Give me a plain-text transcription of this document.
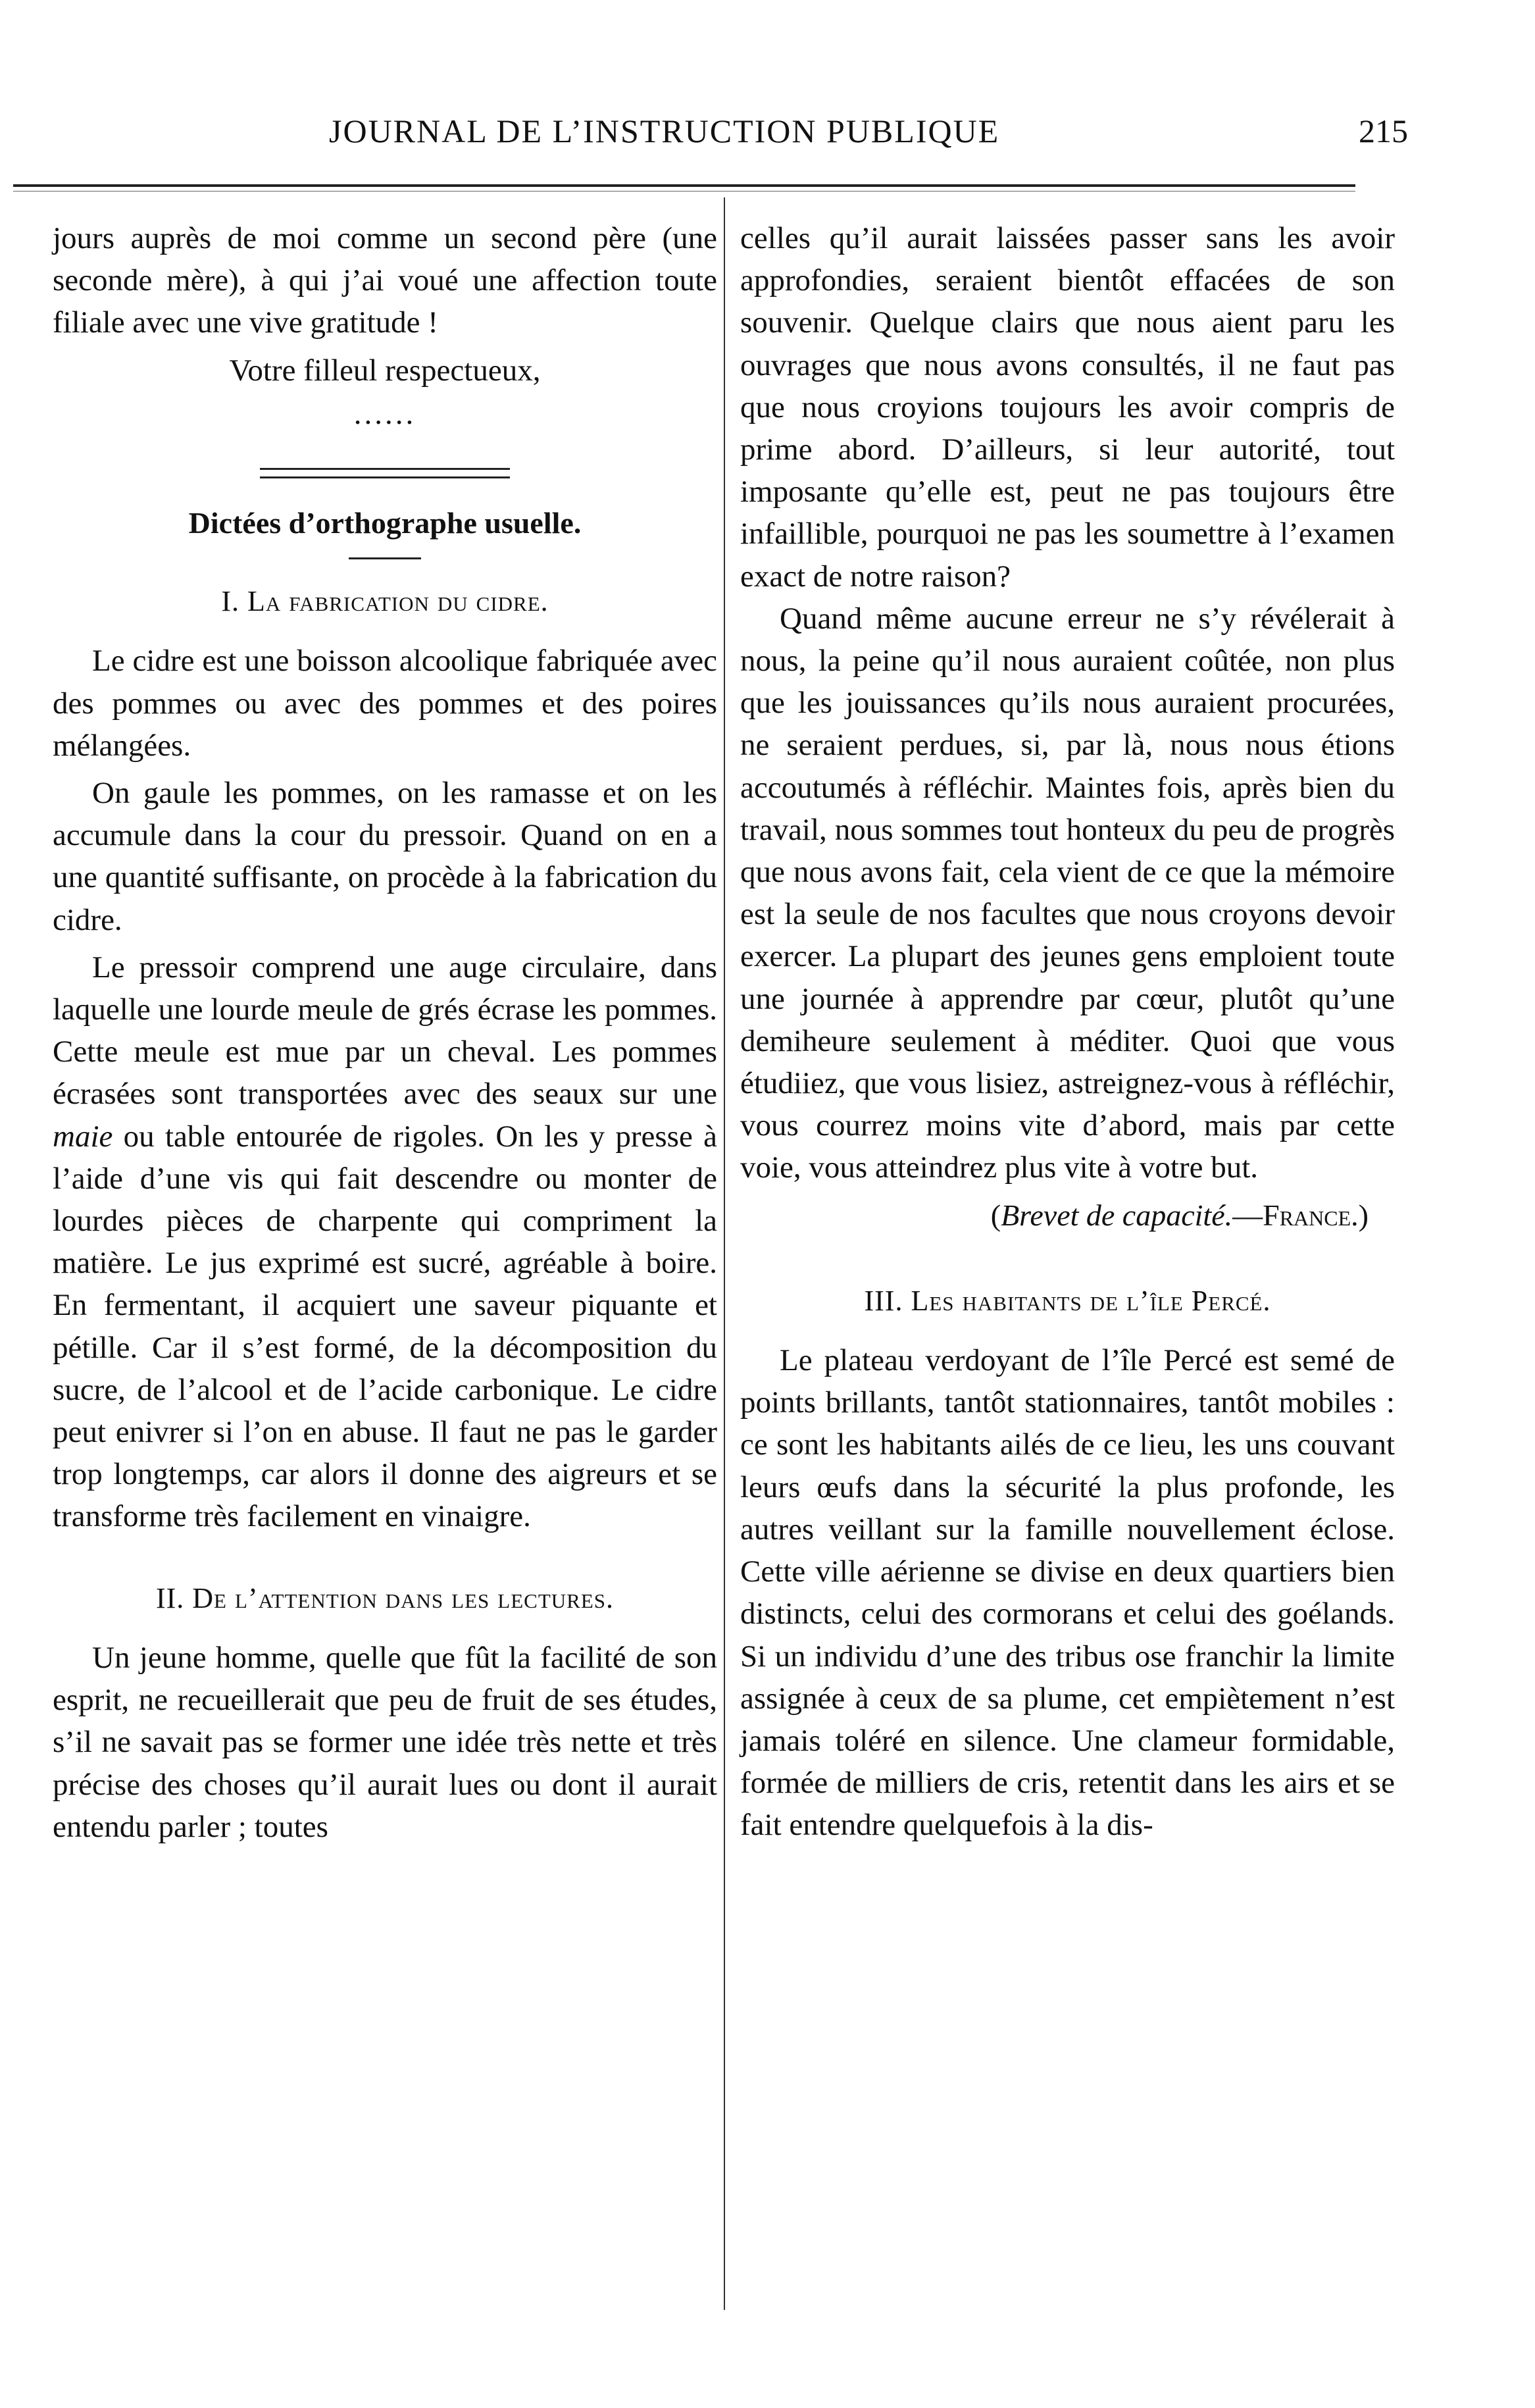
JOURNAL DE L’INSTRUCTION PUBLIQUE	215

jours auprès de moi comme un second père (une seconde mère), à qui j’ai voué une affection toute filiale avec une vive gratitude !

Votre filleul respectueux,

......

Dictées d’orthographe usuelle.

I. La fabrication du cidre.

Le cidre est une boisson alcoolique fabriquée avec des pommes ou avec des pommes et des poires mélangées.

On gaule les pommes, on les ramasse et on les accumule dans la cour du pressoir. Quand on en a une quantité suffisante, on procède à la fabrication du cidre.

Le pressoir comprend une auge circulaire, dans laquelle une lourde meule de grés écrase les pommes. Cette meule est mue par un cheval. Les pommes écrasées sont transportées avec des seaux sur une maie ou table entourée de rigoles. On les y presse à l’aide d’une vis qui fait descendre ou monter de lourdes pièces de charpente qui compriment la matière. Le jus exprimé est sucré, agréable à boire. En fermentant, il acquiert une saveur piquante et pétille. Car il s’est formé, de la décomposition du sucre, de l’alcool et de l’acide carbonique. Le cidre peut enivrer si l’on en abuse. Il faut ne pas le garder trop longtemps, car alors il donne des aigreurs et se transforme très facilement en vinaigre.

II. De l’attention dans les lectures.

Un jeune homme, quelle que fût la facilité de son esprit, ne recueillerait que peu de fruit de ses études, s’il ne savait pas se former une idée très nette et très précise des choses qu’il aurait lues ou dont il aurait entendu parler ; toutes

celles qu’il aurait laissées passer sans les avoir approfondies, seraient bientôt effacées de son souvenir. Quelque clairs que nous aient paru les ouvrages que nous avons consultés, il ne faut pas que nous croyions toujours les avoir compris de prime abord. D’ailleurs, si leur autorité, tout imposante qu’elle est, peut ne pas toujours être infaillible, pourquoi ne pas les soumettre à l’examen exact de notre raison?

Quand même aucune erreur ne s’y révélerait à nous, la peine qu’il nous auraient coûtée, non plus que les jouissances qu’ils nous auraient procurées, ne seraient perdues, si, par là, nous nous étions accoutumés à réfléchir. Maintes fois, après bien du travail, nous sommes tout honteux du peu de progrès que nous avons fait, cela vient de ce que la mémoire est la seule de nos facultes que nous croyons devoir exercer. La plupart des jeunes gens emploient toute une journée à apprendre par cœur, plutôt qu’une demiheure seulement à méditer. Quoi que vous étudiiez, que vous lisiez, astreignez-vous à réfléchir, vous courrez moins vite d’abord, mais par cette voie, vous atteindrez plus vite à votre but.

(Brevet de capacité.—France.)

III. Les habitants de l’île Percé.

Le plateau verdoyant de l’île Percé est semé de points brillants, tantôt stationnaires, tantôt mobiles : ce sont les habitants ailés de ce lieu, les uns couvant leurs œufs dans la sécurité la plus profonde, les autres veillant sur la famille nouvellement éclose. Cette ville aérienne se divise en deux quartiers bien distincts, celui des cormorans et celui des goélands. Si un individu d’une des tribus ose franchir la limite assignée à ceux de sa plume, cet empiètement n’est jamais toléré en silence. Une clameur formidable, formée de milliers de cris, retentit dans les airs et se fait entendre quelquefois à la dis-
